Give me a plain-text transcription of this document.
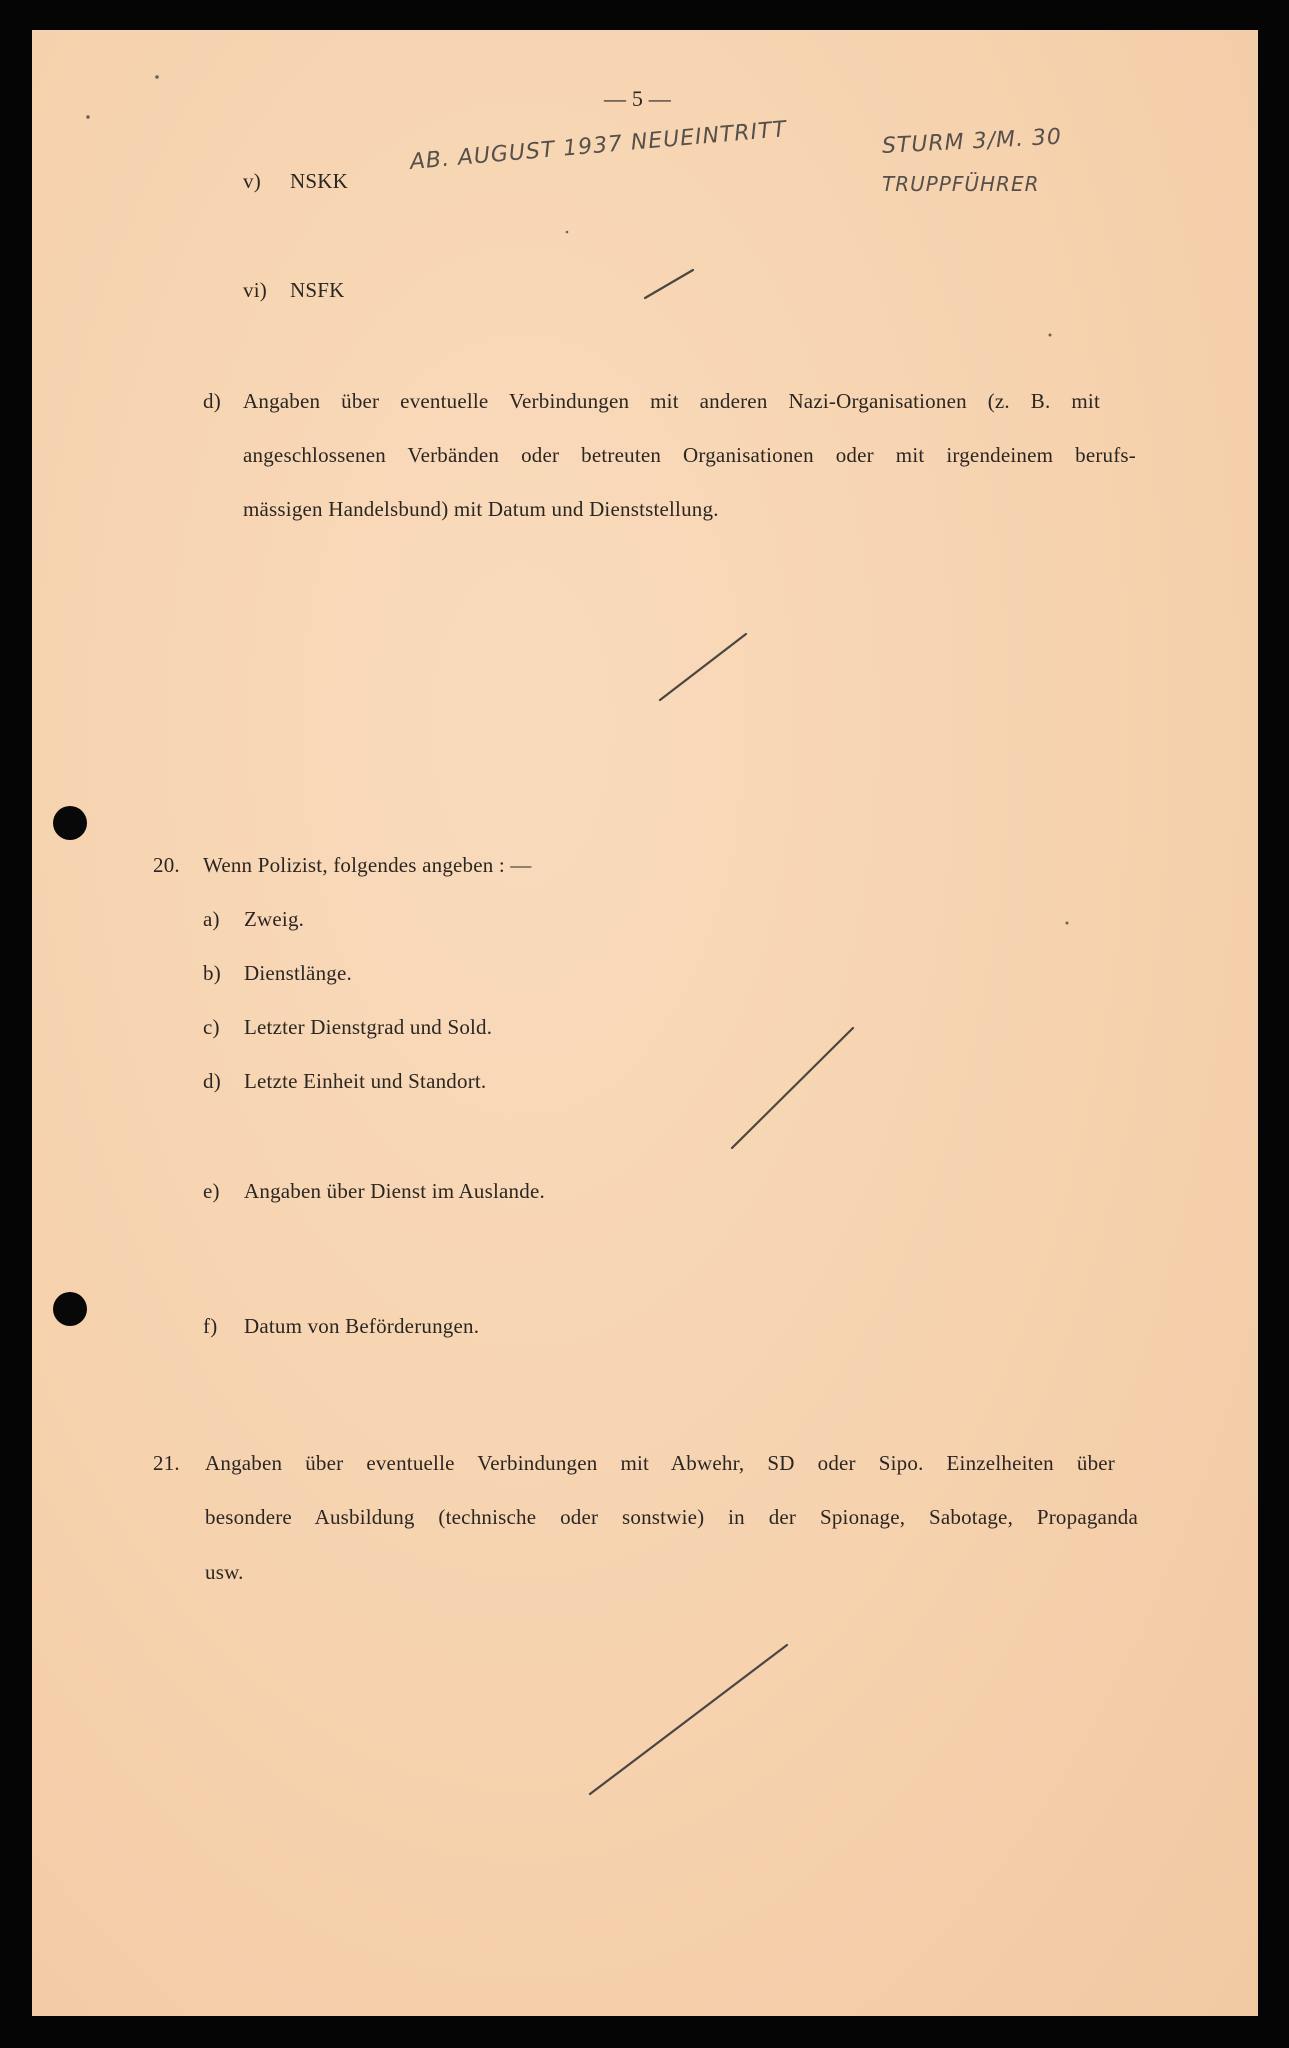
— 5 —
v) NSKK
AB. AUGUST 1937 NEUEINTRITT	STURM 3/M. 30
TRUPPFÜHRER
vi) NSFK
d) Angaben über eventuelle Verbindungen mit anderen Nazi-Organisationen (z. B. mit
angeschlossenen Verbänden oder betreuten Organisationen oder mit irgendeinem berufs-
mässigen Handelsbund) mit Datum und Dienststellung.
20. Wenn Polizist, folgendes angeben : —
a) Zweig.
b) Dienstlänge.
c) Letzter Dienstgrad und Sold.
d) Letzte Einheit und Standort.
e) Angaben über Dienst im Auslande.
f) Datum von Beförderungen.
21. Angaben über eventuelle Verbindungen mit Abwehr, SD oder Sipo. Einzelheiten über
besondere Ausbildung (technische oder sonstwie) in der Spionage, Sabotage, Propaganda
usw.
